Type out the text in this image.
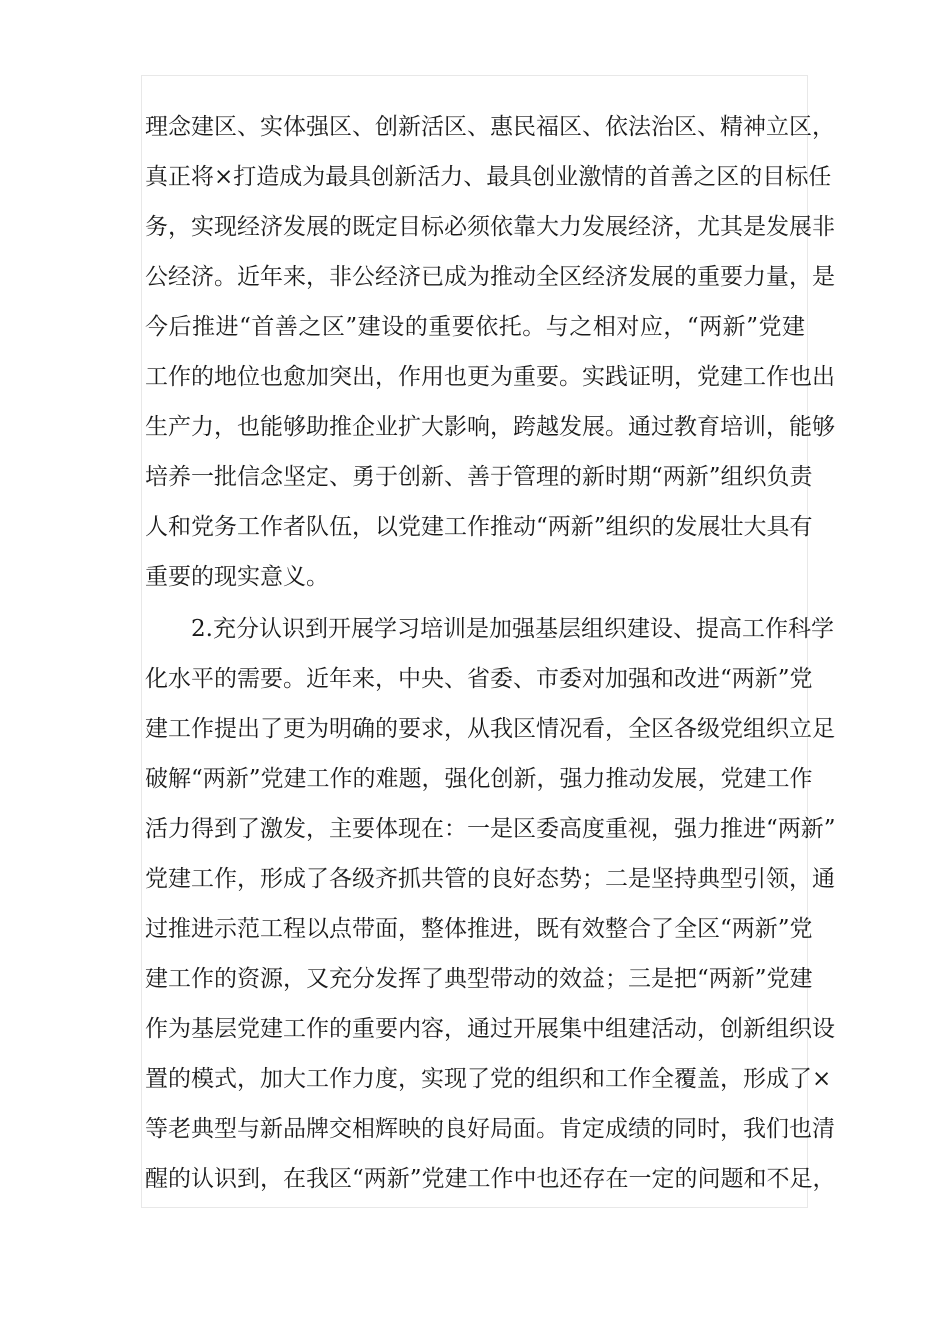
理念建区、实体强区、创新活区、惠民福区、依法治区、精神立区，
真正将×打造成为最具创新活力、最具创业激情的首善之区的目标任
务，实现经济发展的既定目标必须依靠大力发展经济，尤其是发展非
公经济。近年来，非公经济已成为推动全区经济发展的重要力量，是
今后推进“首善之区”建设的重要依托。与之相对应，“两新”党建
工作的地位也愈加突出，作用也更为重要。实践证明，党建工作也出
生产力，也能够助推企业扩大影响，跨越发展。通过教育培训，能够
培养一批信念坚定、勇于创新、善于管理的新时期“两新”组织负责
人和党务工作者队伍，以党建工作推动“两新”组织的发展壮大具有
重要的现实意义。
　　2.充分认识到开展学习培训是加强基层组织建设、提高工作科学
化水平的需要。近年来，中央、省委、市委对加强和改进“两新”党
建工作提出了更为明确的要求，从我区情况看，全区各级党组织立足
破解“两新”党建工作的难题，强化创新，强力推动发展，党建工作
活力得到了激发，主要体现在：一是区委高度重视，强力推进“两新”
党建工作，形成了各级齐抓共管的良好态势；二是坚持典型引领，通
过推进示范工程以点带面，整体推进，既有效整合了全区“两新”党
建工作的资源，又充分发挥了典型带动的效益；三是把“两新”党建
作为基层党建工作的重要内容，通过开展集中组建活动，创新组织设
置的模式，加大工作力度，实现了党的组织和工作全覆盖，形成了×
等老典型与新品牌交相辉映的良好局面。肯定成绩的同时，我们也清
醒的认识到，在我区“两新”党建工作中也还存在一定的问题和不足，
